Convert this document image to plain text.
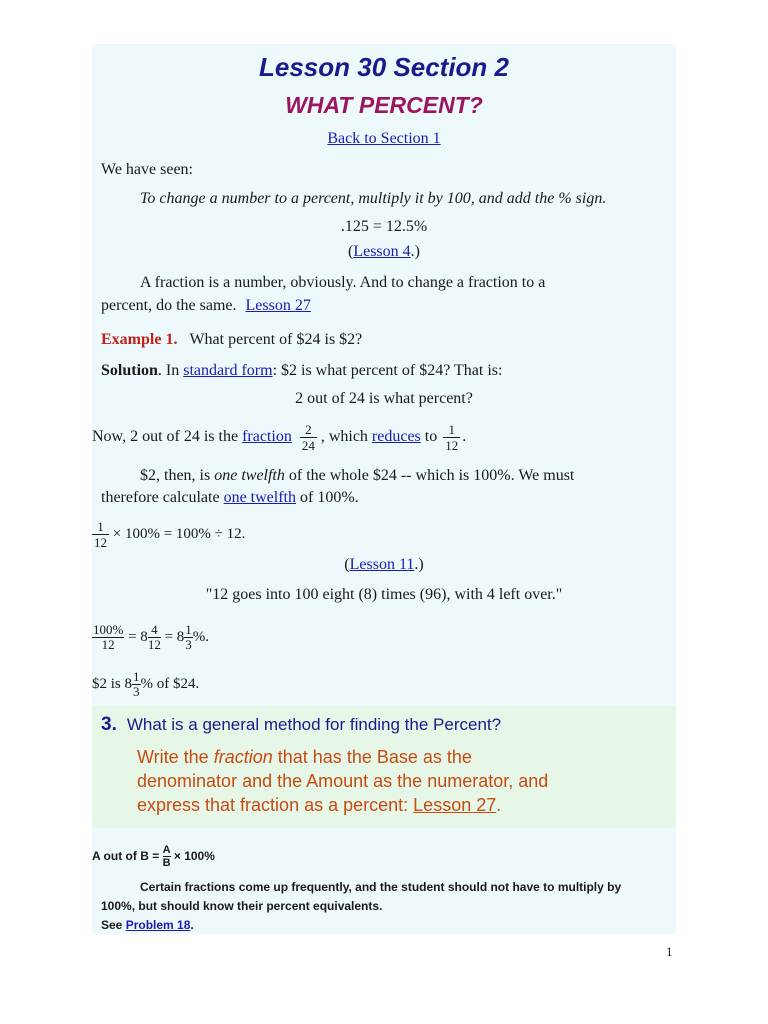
Lesson 30 Section 2
WHAT PERCENT?
Back to Section 1
We have seen:
To change a number to a percent, multiply it by 100, and add the % sign.
.125 = 12.5%
(Lesson 4.)
A fraction is a number, obviously. And to change a fraction to a
percent, do the same. Lesson 27
Example 1. What percent of $24 is $2?
Solution. In standard form: $2 is what percent of $24? That is:
2 out of 24 is what percent?
Now, 2 out of 24 is the fraction $\frac{2}{24}$ , which reduces to $\frac{1}{12}$ .
$2, then, is one twelfth of the whole $24 -- which is 100%. We must
therefore calculate one twelfth of 100%.
$\frac{1}{12} \times 100\% = 100\% \div 12$.
(Lesson 11.)
"12 goes into 100 eight (8) times (96), with 4 left over."
$\frac{100\%}{12} = 8 \frac{4}{12} = 8 \frac{1}{3}\%$.
$2 is $8 \frac{1}{3}\%$ of $24.
3. What is a general method for finding the Percent?
Write the fraction that has the Base as the
denominator and the Amount as the numerator, and
express that fraction as a percent: Lesson 27.
A out of $B = \frac{A}{B} \times 100\%$
Certain fractions come up frequently, and the student should not have to multiply by
100%, but should know their percent equivalents.
See Problem 18.
1
